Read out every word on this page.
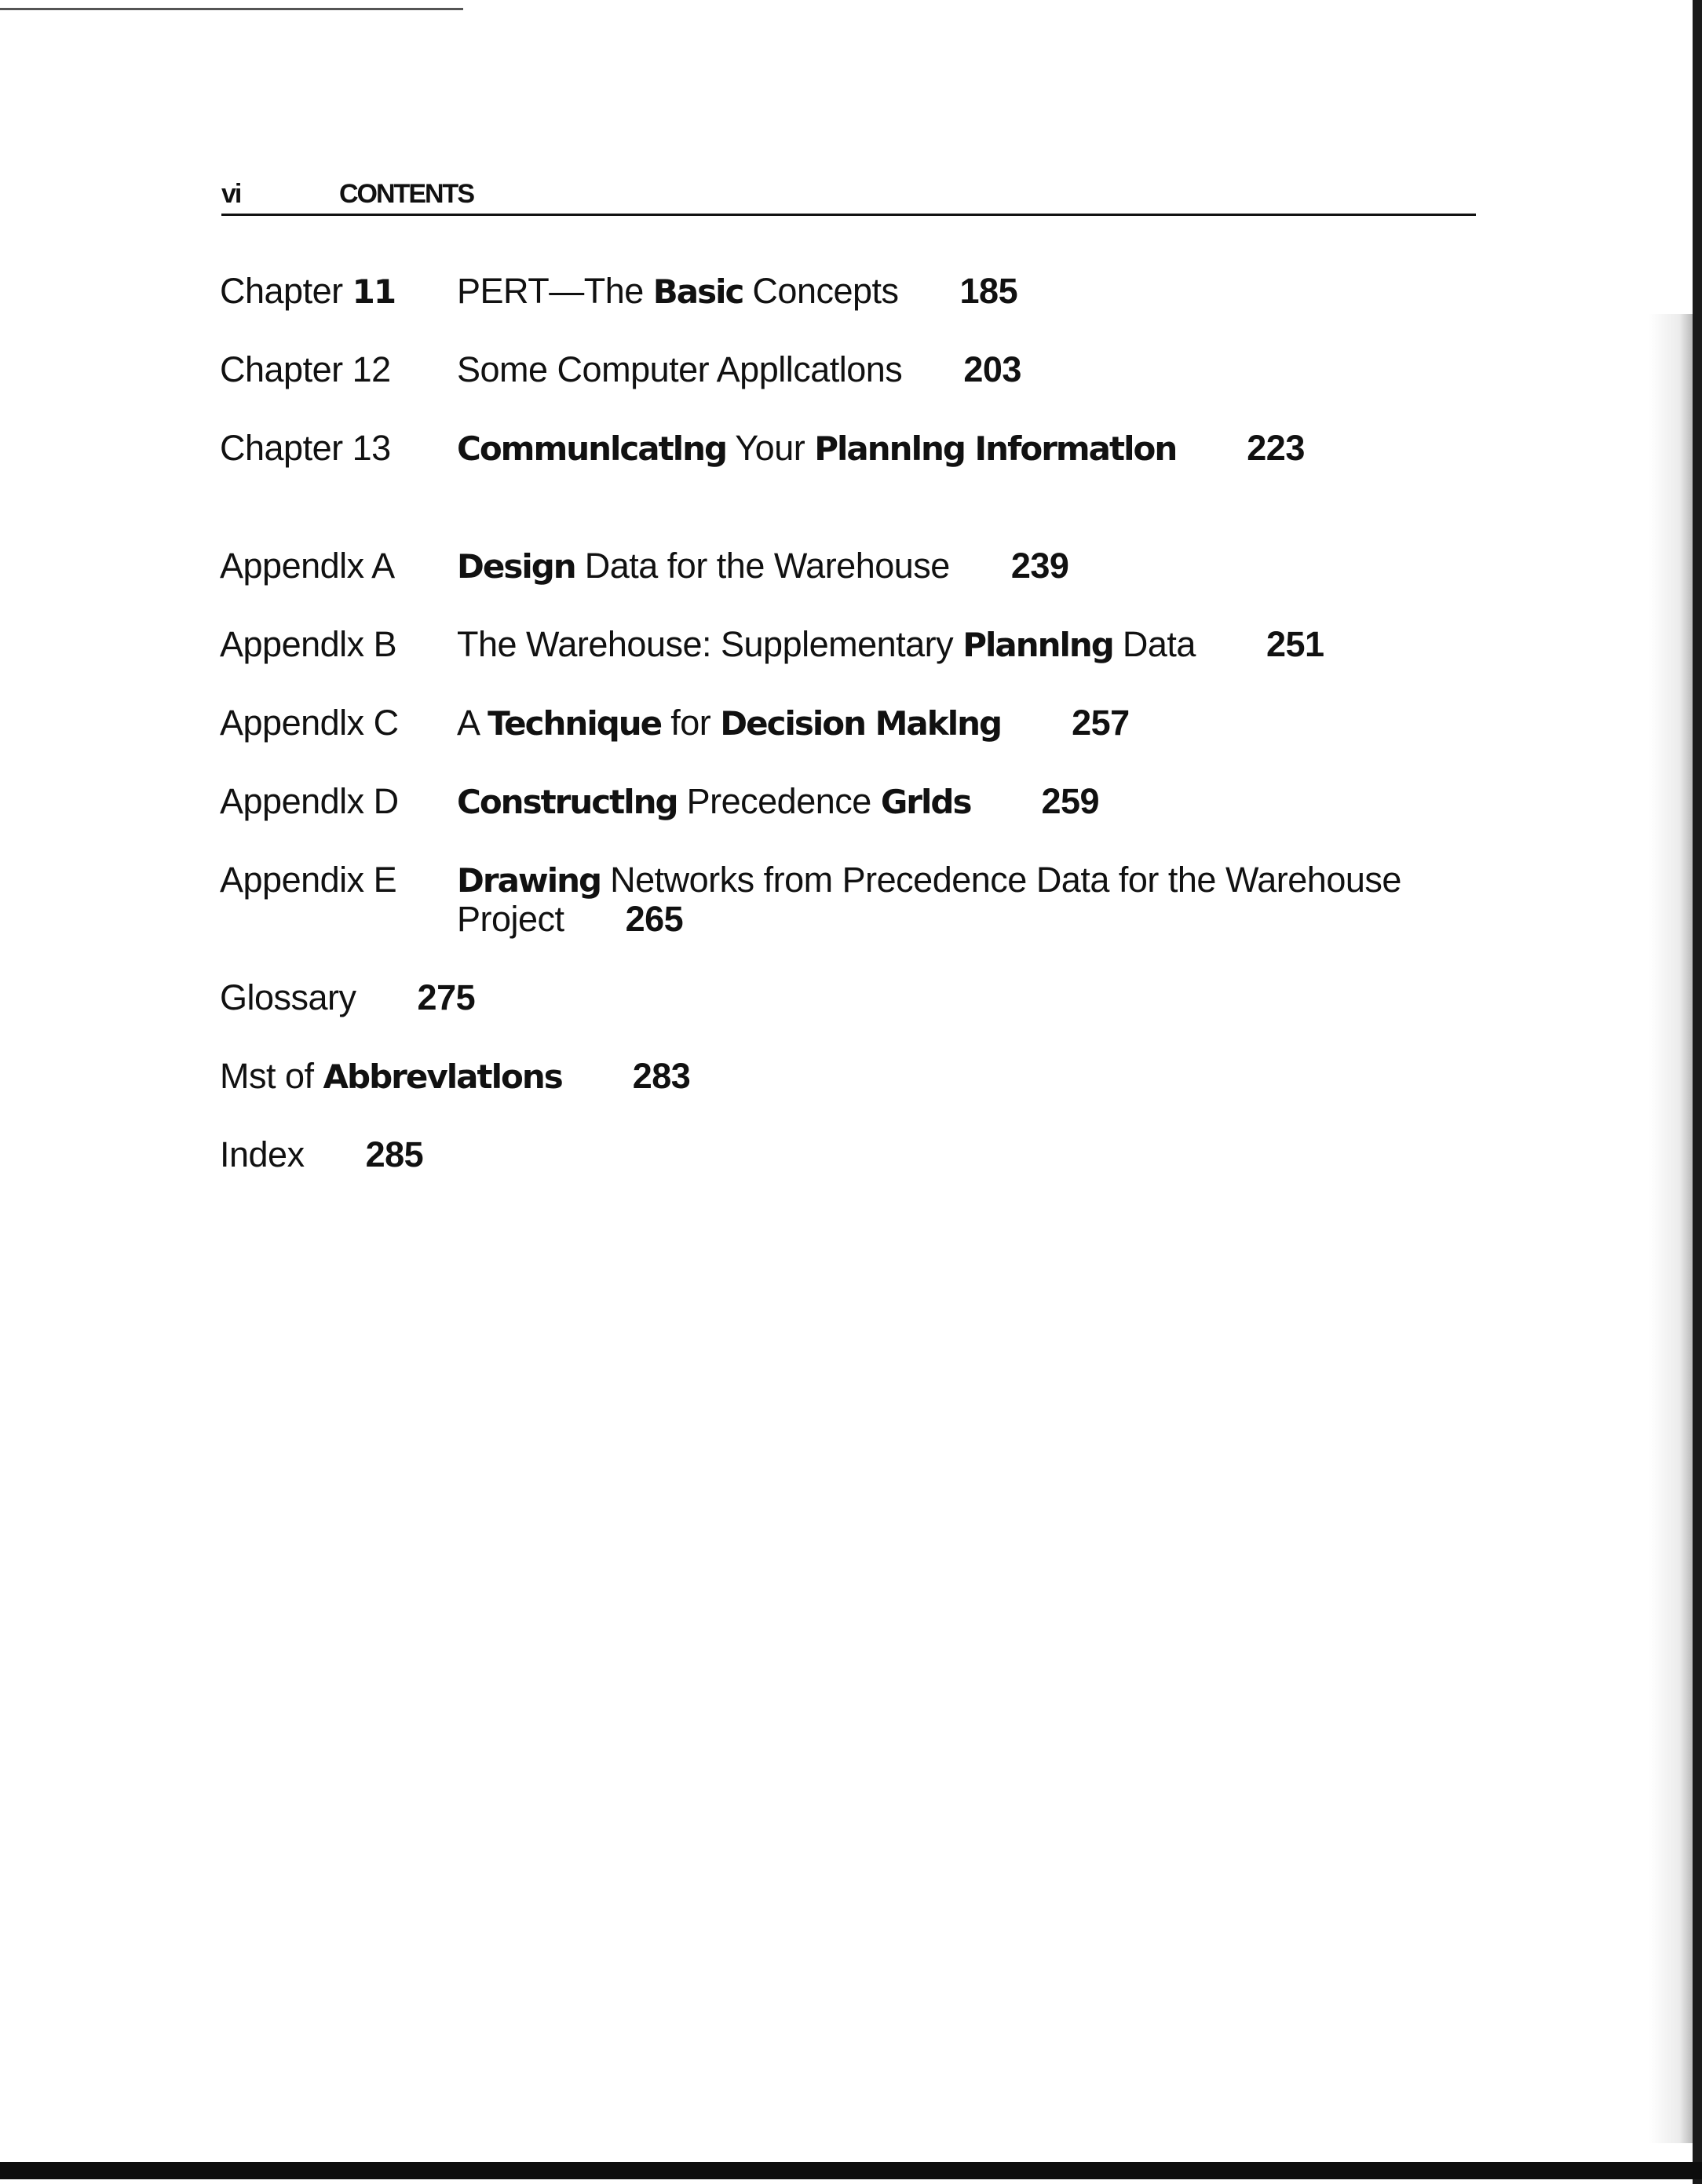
vi	CONTENTS
Chapter 11 PERT—The Basic Concepts 185
Chapter 12 Some Computer Appllcatlons 203
Chapter 13 Communlcatlng Your Plannlng Informatlon 223
Appendlx A Design Data for the Warehouse 239
Appendlx B The Warehouse: Supplementary Plannlng Data 251
Appendlx C A Technique for Decision Maklng 257
Appendlx D Constructlng Precedence Grlds 259
Appendix E Drawing Networks from Precedence Data for the Warehouse
Project 265
Glossary 275
Mst of Abbrevlatlons 283
Index 285
